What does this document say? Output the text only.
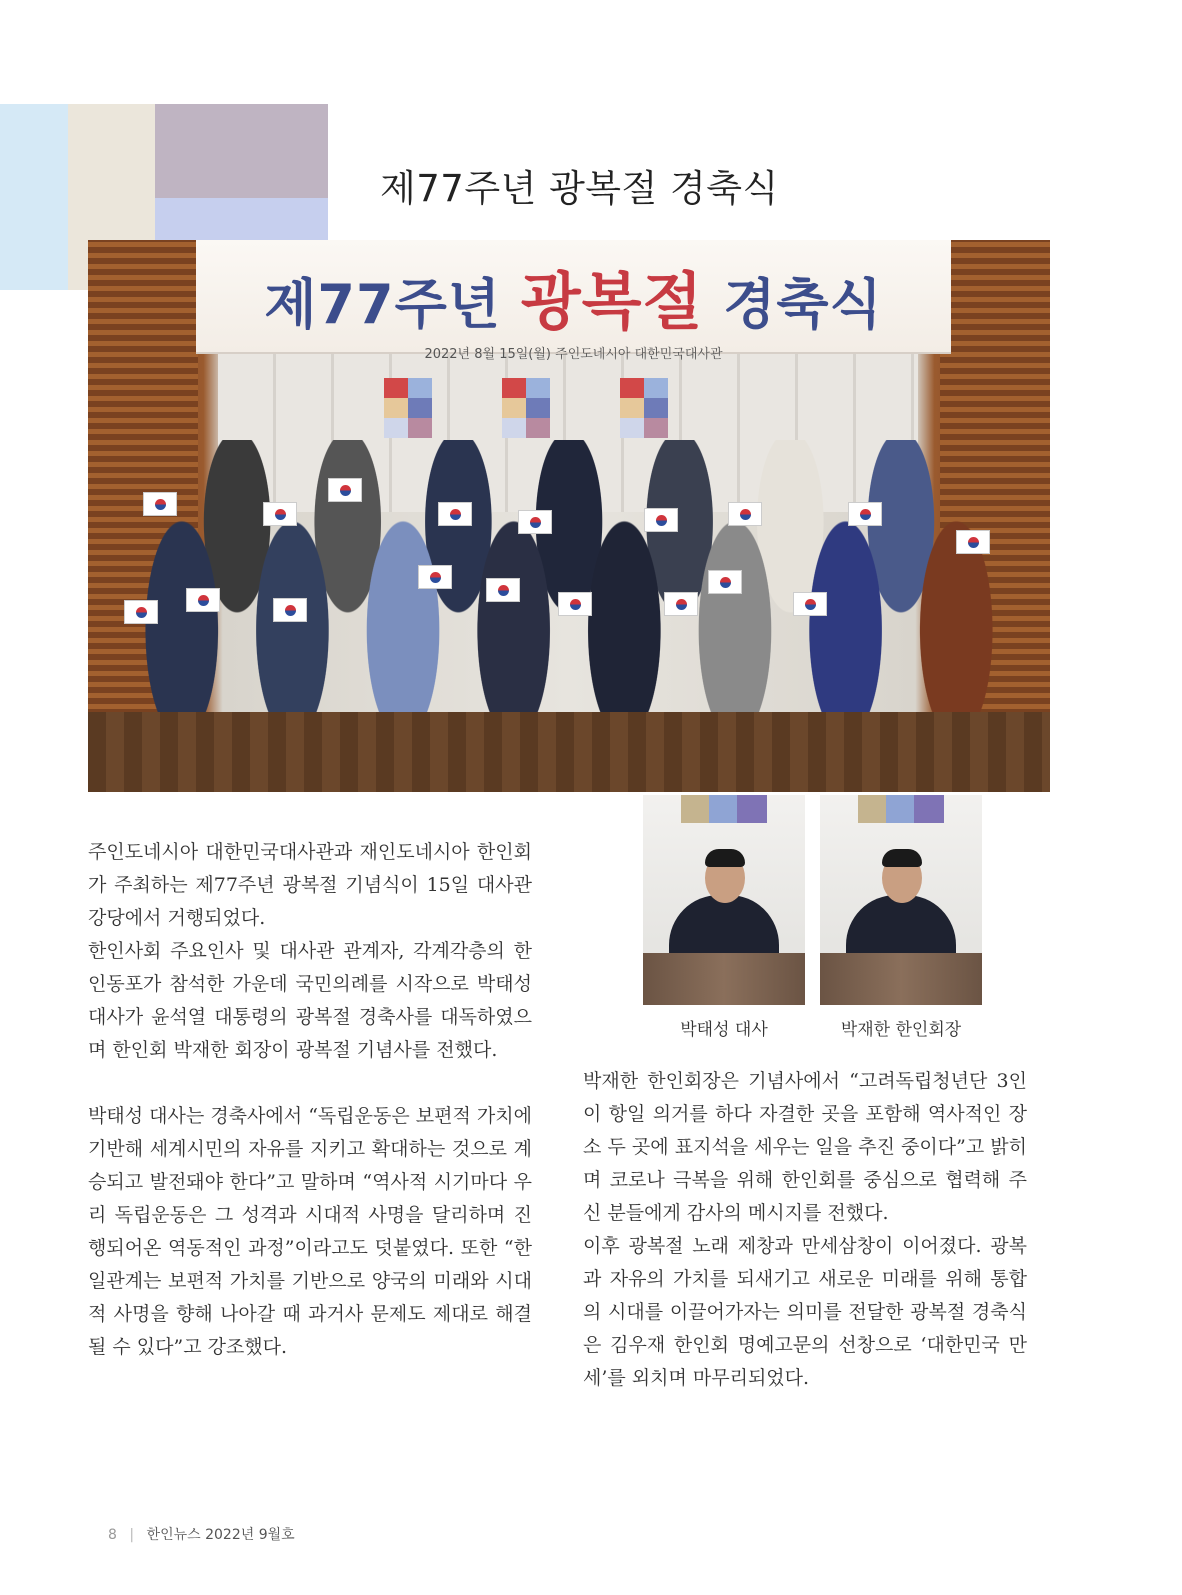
제77주년 광복절 경축식
제77주년 광복절 경축식
2022년 8월 15일(월) 주인도네시아 대한민국대사관
박태성 대사	박재한 한인회장

주인도네시아 대한민국대사관과 재인도네시아 한인회가 주최하는 제77주년 광복절 기념식이 15일 대사관 강당에서 거행되었다.

한인사회 주요인사 및 대사관 관계자, 각계각층의 한인동포가 참석한 가운데 국민의례를 시작으로 박태성 대사가 윤석열 대통령의 광복절 경축사를 대독하였으며 한인회 박재한 회장이 광복절 기념사를 전했다.

박태성 대사는 경축사에서 “독립운동은 보편적 가치에 기반해 세계시민의 자유를 지키고 확대하는 것으로 계승되고 발전돼야 한다”고 말하며 “역사적 시기마다 우리 독립운동은 그 성격과 시대적 사명을 달리하며 진행되어온 역동적인 과정”이라고도 덧붙였다. 또한 “한일관계는 보편적 가치를 기반으로 양국의 미래와 시대적 사명을 향해 나아갈 때 과거사 문제도 제대로 해결될 수 있다”고 강조했다.

박재한 한인회장은 기념사에서 “고려독립청년단 3인이 항일 의거를 하다 자결한 곳을 포함해 역사적인 장소 두 곳에 표지석을 세우는 일을 추진 중이다”고 밝히며 코로나 극복을 위해 한인회를 중심으로 협력해 주신 분들에게 감사의 메시지를 전했다.

이후 광복절 노래 제창과 만세삼창이 이어졌다. 광복과 자유의 가치를 되새기고 새로운 미래를 위해 통합의 시대를 이끌어가자는 의미를 전달한 광복절 경축식은 김우재 한인회 명예고문의 선창으로 ‘대한민국 만세’를 외치며 마무리되었다.

8 | 한인뉴스 2022년 9월호
